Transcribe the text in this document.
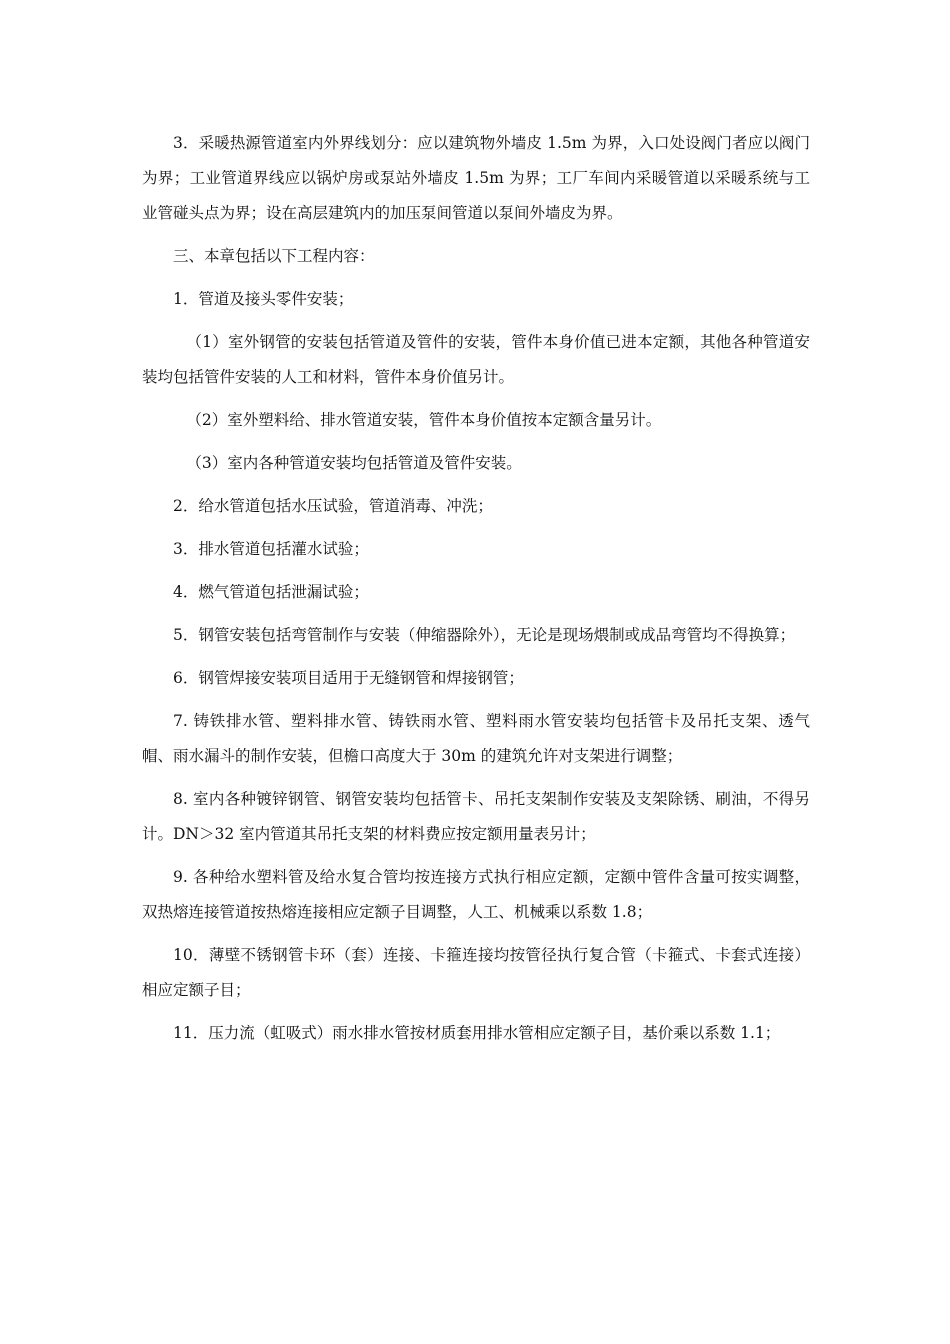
3．采暖热源管道室内外界线划分：应以建筑物外墙皮 1.5m 为界，入口处设阀门者应以阀门为界；工业管道界线应以锅炉房或泵站外墙皮 1.5m 为界；工厂车间内采暖管道以采暖系统与工业管碰头点为界；设在高层建筑内的加压泵间管道以泵间外墙皮为界。

三、本章包括以下工程内容：

1．管道及接头零件安装；

（1）室外钢管的安装包括管道及管件的安装，管件本身价值已进本定额，其他各种管道安装均包括管件安装的人工和材料，管件本身价值另计。

（2）室外塑料给、排水管道安装，管件本身价值按本定额含量另计。

（3）室内各种管道安装均包括管道及管件安装。

2．给水管道包括水压试验，管道消毒、冲洗；

3．排水管道包括灌水试验；

4．燃气管道包括泄漏试验；

5．钢管安装包括弯管制作与安装（伸缩器除外），无论是现场煨制或成品弯管均不得换算；

6．钢管焊接安装项目适用于无缝钢管和焊接钢管；

7. 铸铁排水管、塑料排水管、铸铁雨水管、塑料雨水管安装均包括管卡及吊托支架、透气帽、雨水漏斗的制作安装，但檐口高度大于 30m 的建筑允许对支架进行调整；

8. 室内各种镀锌钢管、钢管安装均包括管卡、吊托支架制作安装及支架除锈、刷油，不得另计。DN＞32 室内管道其吊托支架的材料费应按定额用量表另计；

9. 各种给水塑料管及给水复合管均按连接方式执行相应定额，定额中管件含量可按实调整，双热熔连接管道按热熔连接相应定额子目调整，人工、机械乘以系数 1.8；

10．薄壁不锈钢管卡环（套）连接、卡箍连接均按管径执行复合管（卡箍式、卡套式连接）相应定额子目；

11．压力流（虹吸式）雨水排水管按材质套用排水管相应定额子目，基价乘以系数 1.1；
